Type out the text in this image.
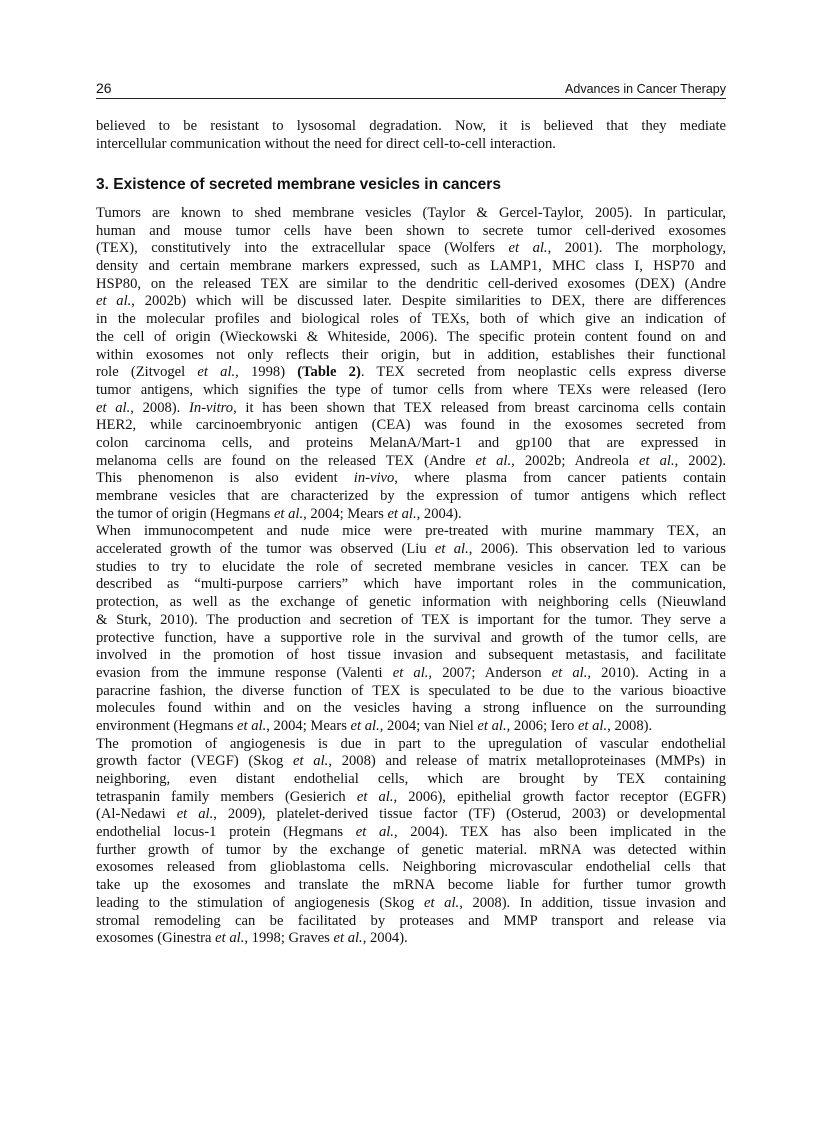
26	Advances in Cancer Therapy
believed to be resistant to lysosomal degradation. Now, it is believed that they mediate
intercellular communication without the need for direct cell-to-cell interaction.
3. Existence of secreted membrane vesicles in cancers
Tumors are known to shed membrane vesicles (Taylor & Gercel-Taylor, 2005). In particular,
human and mouse tumor cells have been shown to secrete tumor cell-derived exosomes
(TEX), constitutively into the extracellular space (Wolfers et al., 2001). The morphology,
density and certain membrane markers expressed, such as LAMP1, MHC class I, HSP70 and
HSP80, on the released TEX are similar to the dendritic cell-derived exosomes (DEX) (Andre
et al., 2002b) which will be discussed later. Despite similarities to DEX, there are differences
in the molecular profiles and biological roles of TEXs, both of which give an indication of
the cell of origin (Wieckowski & Whiteside, 2006). The specific protein content found on and
within exosomes not only reflects their origin, but in addition, establishes their functional
role (Zitvogel et al., 1998) (Table 2). TEX secreted from neoplastic cells express diverse
tumor antigens, which signifies the type of tumor cells from where TEXs were released (Iero
et al., 2008). In-vitro, it has been shown that TEX released from breast carcinoma cells contain
HER2, while carcinoembryonic antigen (CEA) was found in the exosomes secreted from
colon carcinoma cells, and proteins MelanA/Mart-1 and gp100 that are expressed in
melanoma cells are found on the released TEX (Andre et al., 2002b; Andreola et al., 2002).
This phenomenon is also evident in-vivo, where plasma from cancer patients contain
membrane vesicles that are characterized by the expression of tumor antigens which reflect
the tumor of origin (Hegmans et al., 2004; Mears et al., 2004).
When immunocompetent and nude mice were pre-treated with murine mammary TEX, an
accelerated growth of the tumor was observed (Liu et al., 2006). This observation led to various
studies to try to elucidate the role of secreted membrane vesicles in cancer. TEX can be
described as “multi-purpose carriers” which have important roles in the communication,
protection, as well as the exchange of genetic information with neighboring cells (Nieuwland
& Sturk, 2010). The production and secretion of TEX is important for the tumor. They serve a
protective function, have a supportive role in the survival and growth of the tumor cells, are
involved in the promotion of host tissue invasion and subsequent metastasis, and facilitate
evasion from the immune response (Valenti et al., 2007; Anderson et al., 2010). Acting in a
paracrine fashion, the diverse function of TEX is speculated to be due to the various bioactive
molecules found within and on the vesicles having a strong influence on the surrounding
environment (Hegmans et al., 2004; Mears et al., 2004; van Niel et al., 2006; Iero et al., 2008).
The promotion of angiogenesis is due in part to the upregulation of vascular endothelial
growth factor (VEGF) (Skog et al., 2008) and release of matrix metalloproteinases (MMPs) in
neighboring, even distant endothelial cells, which are brought by TEX containing
tetraspanin family members (Gesierich et al., 2006), epithelial growth factor receptor (EGFR)
(Al-Nedawi et al., 2009), platelet-derived tissue factor (TF) (Osterud, 2003) or developmental
endothelial locus-1 protein (Hegmans et al., 2004). TEX has also been implicated in the
further growth of tumor by the exchange of genetic material. mRNA was detected within
exosomes released from glioblastoma cells. Neighboring microvascular endothelial cells that
take up the exosomes and translate the mRNA become liable for further tumor growth
leading to the stimulation of angiogenesis (Skog et al., 2008). In addition, tissue invasion and
stromal remodeling can be facilitated by proteases and MMP transport and release via
exosomes (Ginestra et al., 1998; Graves et al., 2004).
